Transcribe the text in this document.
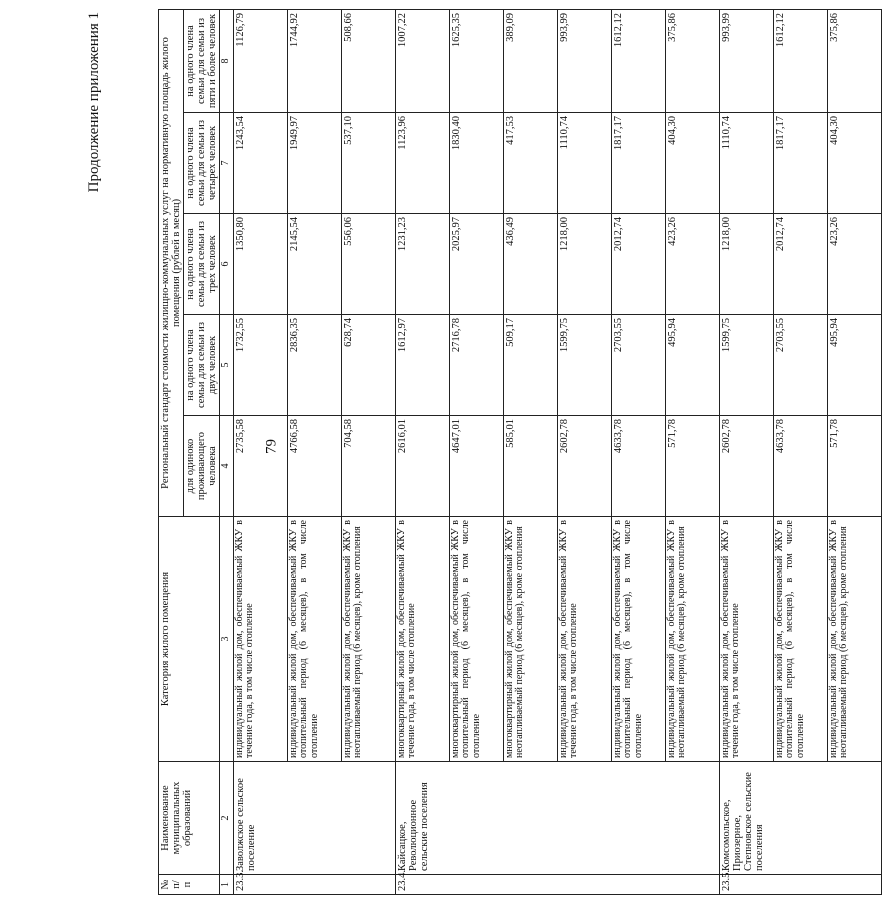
79
Продолжение приложения 1
№ п/п	Наименование муниципальных образований	Категория жилого помещения	Региональный стандарт стоимости жилищно-коммунальных услуг на нормативную площадь жилого помещения (рублей в месяц)				
			для одиноко проживающего человека	на одного члена семьи для семьи из двух человек	на одного члена семьи для семьи из трех человек	на одного члена семьи для семьи из четырех человек	на одного члена семьи для семьи из пяти и более человек
1	2	3	4	5	6	7	8
23.3.	Заволжское сельское поселение	индивидуальный жилой дом, обеспечиваемый ЖКУ в течение года, в том числе отопление	2735,58	1732,55	1350,80	1243,54	1126,79
		индивидуальный жилой дом, обеспечиваемый ЖКУ в отопительный период (6 месяцев), в том числе отопление	4766,58	2836,35	2145,54	1949,97	1744,92
		индивидуальный жилой дом, обеспечиваемый ЖКУ в неотапливаемый период (6 месяцев), кроме отопления	704,58	628,74	556,06	537,10	508,66
23.4.	Кайсацкое, Революционное сельские поселения	многоквартирный жилой дом, обеспечиваемый ЖКУ в течение года, в том числе отопление	2616,01	1612,97	1231,23	1123,96	1007,22
		многоквартирный жилой дом, обеспечиваемый ЖКУ в отопительный период (6 месяцев), в том числе отопление	4647,01	2716,78	2025,97	1830,40	1625,35
		многоквартирный жилой дом, обеспечиваемый ЖКУ в неотапливаемый период (6 месяцев), кроме отопления	585,01	509,17	436,49	417,53	389,09
		индивидуальный жилой дом, обеспечиваемый ЖКУ в течение года, в том числе отопление	2602,78	1599,75	1218,00	1110,74	993,99
		индивидуальный жилой дом, обеспечиваемый ЖКУ в отопительный период (6 месяцев), в том числе отопление	4633,78	2703,55	2012,74	1817,17	1612,12
		индивидуальный жилой дом, обеспечиваемый ЖКУ в неотапливаемый период (6 месяцев), кроме отопления	571,78	495,94	423,26	404,30	375,86
23.5.	Комсомольское, Приозерное, Степновское сельские поселения	индивидуальный жилой дом, обеспечиваемый ЖКУ в течение года, в том числе отопление	2602,78	1599,75	1218,00	1110,74	993,99
		индивидуальный жилой дом, обеспечиваемый ЖКУ в отопительный период (6 месяцев), в том числе отопление	4633,78	2703,55	2012,74	1817,17	1612,12
		индивидуальный жилой дом, обеспечиваемый ЖКУ в неотапливаемый период (6 месяцев), кроме отопления	571,78	495,94	423,26	404,30	375,86
